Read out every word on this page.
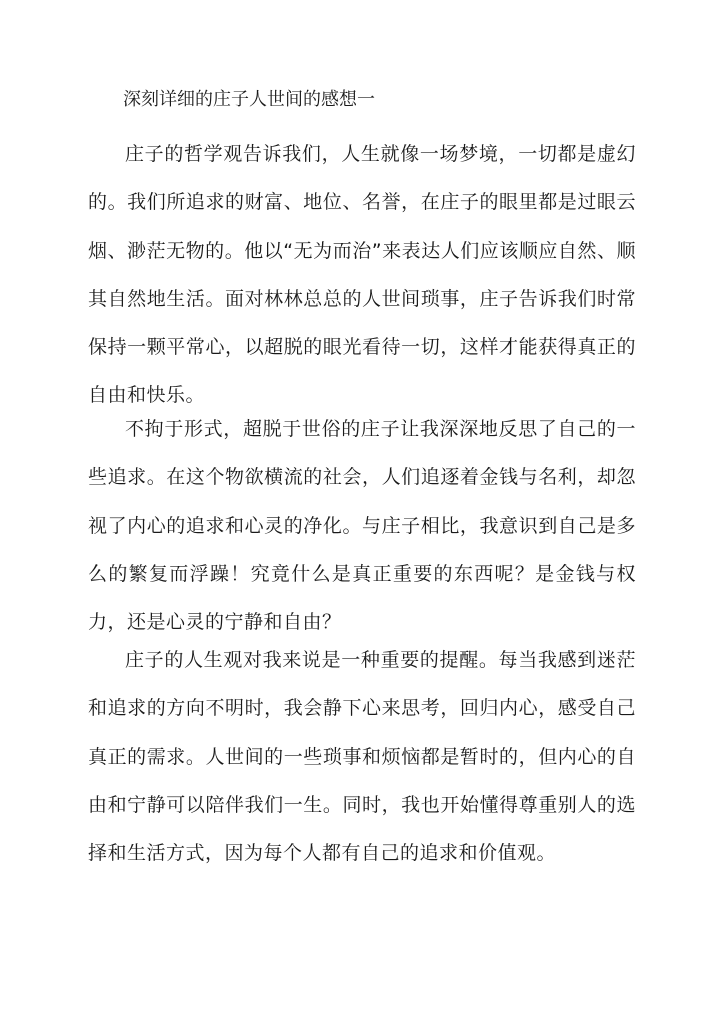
深刻详细的庄子人世间的感想一

庄子的哲学观告诉我们，人生就像一场梦境，一切都是虚幻的。我们所追求的财富、地位、名誉，在庄子的眼里都是过眼云烟、渺茫无物的。他以“无为而治”来表达人们应该顺应自然、顺其自然地生活。面对林林总总的人世间琐事，庄子告诉我们时常保持一颗平常心，以超脱的眼光看待一切，这样才能获得真正的自由和快乐。

不拘于形式，超脱于世俗的庄子让我深深地反思了自己的一些追求。在这个物欲横流的社会，人们追逐着金钱与名利，却忽视了内心的追求和心灵的净化。与庄子相比，我意识到自己是多么的繁复而浮躁！究竟什么是真正重要的东西呢？是金钱与权力，还是心灵的宁静和自由？

庄子的人生观对我来说是一种重要的提醒。每当我感到迷茫和追求的方向不明时，我会静下心来思考，回归内心，感受自己真正的需求。人世间的一些琐事和烦恼都是暂时的，但内心的自由和宁静可以陪伴我们一生。同时，我也开始懂得尊重别人的选择和生活方式，因为每个人都有自己的追求和价值观。
